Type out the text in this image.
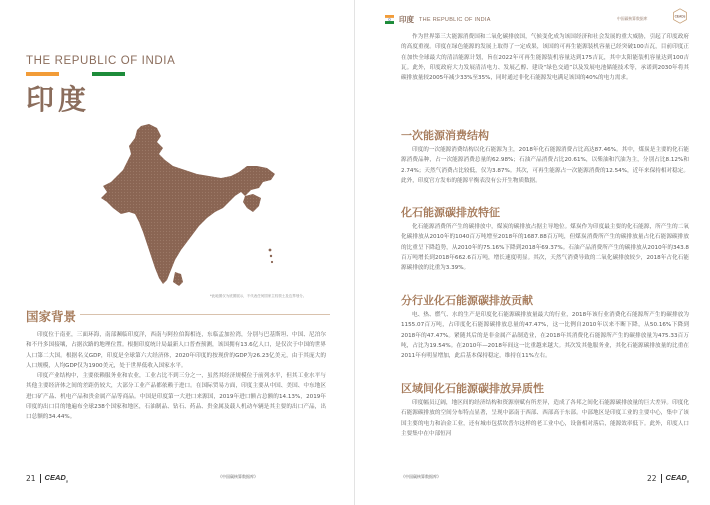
THE REPUBLIC OF INDIA
印度
*此地图仅为底图展示，不代表任何国家主权领土及边界划分。
国家背景

印度位于南亚，三面环海，南部濒临印度洋，西南与阿拉伯海相连，东临孟加拉湾，分别与巴基斯坦、中国、尼泊尔和不丹多国接壤，占据次路的地理位置。根据印度统计局最新人口普查预测，该国拥有13.6亿人口，是仅次于中国的世界人口第二大国。根据名义GDP，印度是全球第六大经济体，2020年印度的按现价的GDP为26.23亿美元，由于其庞大的人口规模，人均GDP仅为1900美元，处于世界低收入国家水平。

印度产业结构中，主要依赖服务业和农业，工业占比不到三分之一，虽然其经济规模位于前列水平，但其工业水平与其他主要经济体之间的差距仍较大，大部分工业产品都依赖于进口。在国际贸易方面，印度主要从中国、美国、中东地区进口矿产品、机电产品和贵金属产品等商品。中国是印度第一大进口来源国，2019年进口额占总额的14.13%，2019年印度的出口目的地遍布全球238个国家和地区，石油制品、钻石、药品、贵金属及载人机动车辆是其主要的出口产品，出口总额的34.44%。

21 $CEAD_s$
《中国碳核算数据库》
印度 THE REPUBLIC OF INDIA	中国碳核算数据库	CEADs

作为世界第三大能源消费国和二氧化碳排放国，气候变化成为该国经济和社会发展的重大威胁，引起了印度政府的高度重视。印度在绿色能源的发展上取得了一定成果，该国的可再生能源装机容量已经突破100吉瓦，目前印度正在加快全球最大的清洁能源计划，旨在2022年可再生能源装机容量达到175吉瓦，其中太阳能装机容量达到100吉瓦。此外，印度政府大力发展清洁电力、发展乙醇、建设“绿色交通”以及发展电池储能技术等，承诺到2030年将其碳排放量较2005年减少33%至35%，同时通过非化石能源发电满足该国的40%的电力需求。

一次能源消费结构

印度的一次能源消费结构以化石能源为主，2018年化石能源消费占比高达87.46%。其中，煤炭是主要的化石能源消费品种，占一次能源消费总量的62.98%；石油产品消费占比20.61%，以柴油和汽油为主，分别占比8.12%和2.74%；天然气消费占比较低，仅为3.87%。其次，可再生能源占一次能源消费的12.54%，近年来保持相对稳定。此外，印度官方发布的能源平衡表没有公开生物质数据。

化石能源碳排放特征

化石能源消费所产生的碳排放中，煤炭的碳排放占据主导地位。煤炭作为印度最主要的化石能源，所产生的二氧化碳排放从2010年的1040百万吨增至2018年的1687.88百万吨，但煤炭消费所产生的碳排放量占化石能源碳排放的比重呈下降趋势，从2010年的75.16%下降到2018年69.37%。石油产品消费所产生的碳排放从2010年的343.8百万吨增长到2018年662.6百万吨，增长速度明显。其次，天然气消费导致的二氧化碳排放较少，2018年占化石能源碳排放的比重为3.39%。

分行业化石能源碳排放贡献

电、热、燃气、水的生产是印度化石能源碳排放量最大的行业，2018年该行业消费化石能源所产生的碳排放为1155.07百万吨，占印度化石能源碳排放总量的47.47%，这一比例自2010年以来不断下降，从50.16%下降到2018年的47.47%。紧随其后的是非金属产品制造业，在2018年其消费化石能源所产生的碳排放量为475.33百万吨，占比为19.54%。在2010年—2018年间这一比重越来越大。其次发其他服务业，其化石能源碳排放量的比重在2011年有明显增加，此后基本保持稳定，维持在11%左右。

区域间化石能源碳排放异质性

印度幅员辽阔，地区间的经济结构和资源禀赋有所差异，造成了各邦之间化石能源碳排放量的巨大差异。印度化石能源碳排放的空间分布特点显著，呈现中部南于西部、西部高于东部。中部地区是印度工业的主要中心，集中了该国主要的电力和冶金工业，还有城市包括坎普尔这样的老工业中心，设备相对落后，能源效率低下。此外，印度人口主要集中在中部恒河

《中国碳核算数据库》	22 $CEAD_s$
